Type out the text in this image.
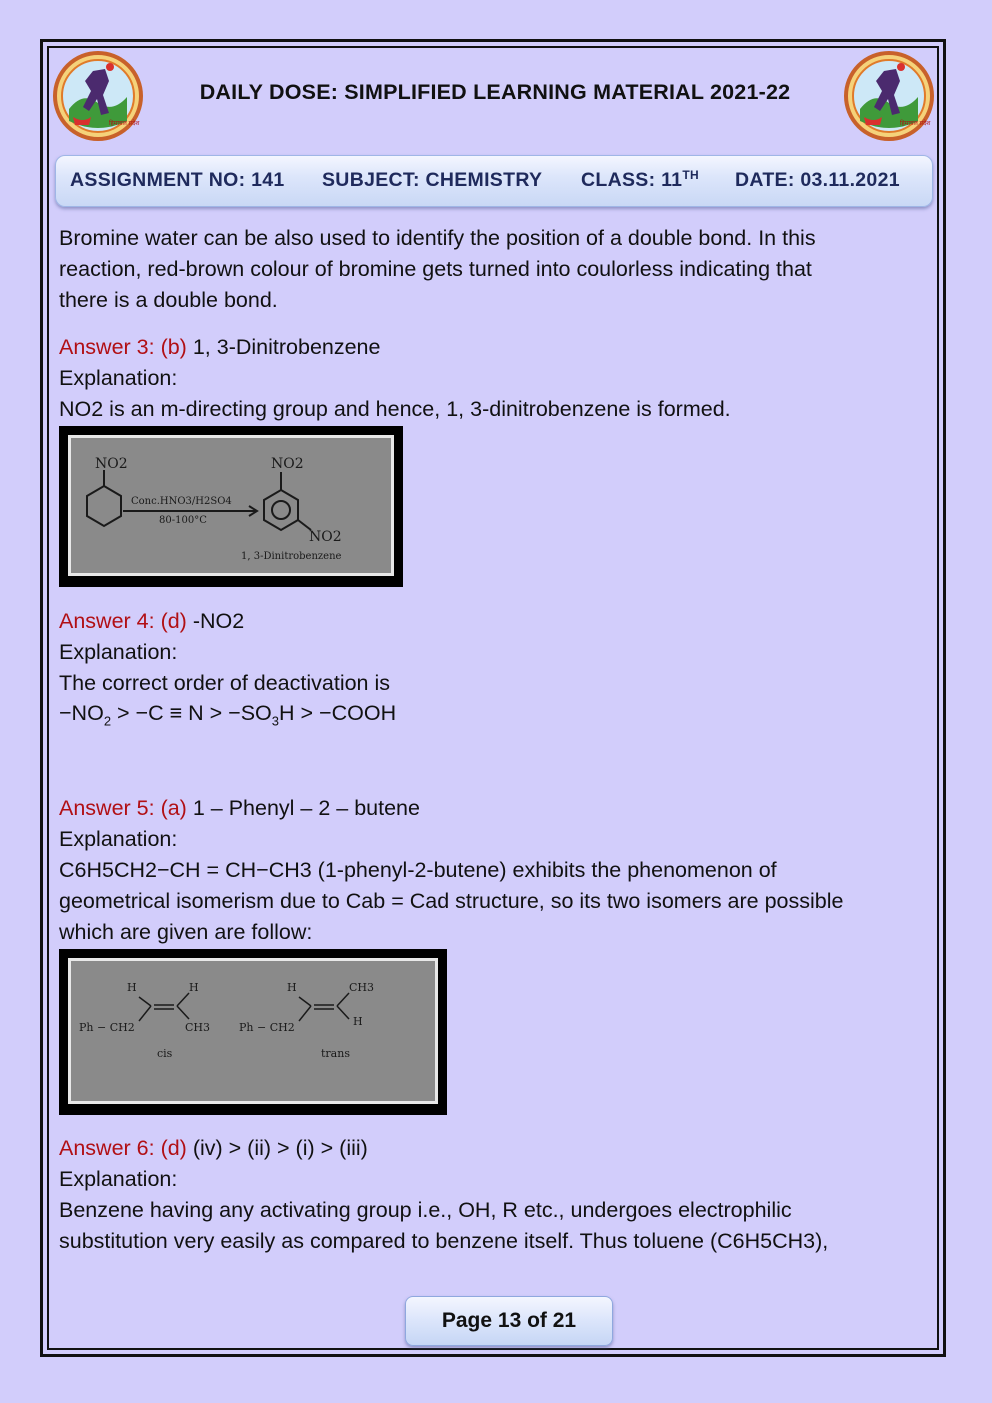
हिमाचल प्रदेश	हिमाचल प्रदेश
DAILY DOSE: SIMPLIFIED LEARNING MATERIAL 2021-22
ASSIGNMENT NO: 141 SUBJECT: CHEMISTRY CLASS: 11TH DATE: 03.11.2021
Bromine water can be also used to identify the position of a double bond. In this
reaction, red-brown colour of bromine gets turned into coulorless indicating that
there is a double bond.
Answer 3: (b) 1, 3-Dinitrobenzene
Explanation:
NO2 is an m-directing group and hence, 1, 3-dinitrobenzene is formed.
NO2
Conc.HNO3/H2SO4
80-100°C
NO2
NO2
1, 3-Dinitrobenzene
Answer 4: (d) -NO2
Explanation:
The correct order of deactivation is
$-NO_2 > -C \equiv N > -SO_3H$ > −COOH
Answer 5: (a) 1 – Phenyl – 2 – butene
Explanation:
C6H5CH2−CH = CH−CH3 (1-phenyl-2-butene) exhibits the phenomenon of
geometrical isomerism due to Cab = Cad structure, so its two isomers are possible
which are given are follow:
H	H
Ph − CH2	CH3
cis
H	CH3
Ph − CH2	H
trans
Answer 6: (d) (iv) > (ii) > (i) > (iii)
Explanation:
Benzene having any activating group i.e., OH, R etc., undergoes electrophilic
substitution very easily as compared to benzene itself. Thus toluene (C6H5CH3),
Page 13 of 21
